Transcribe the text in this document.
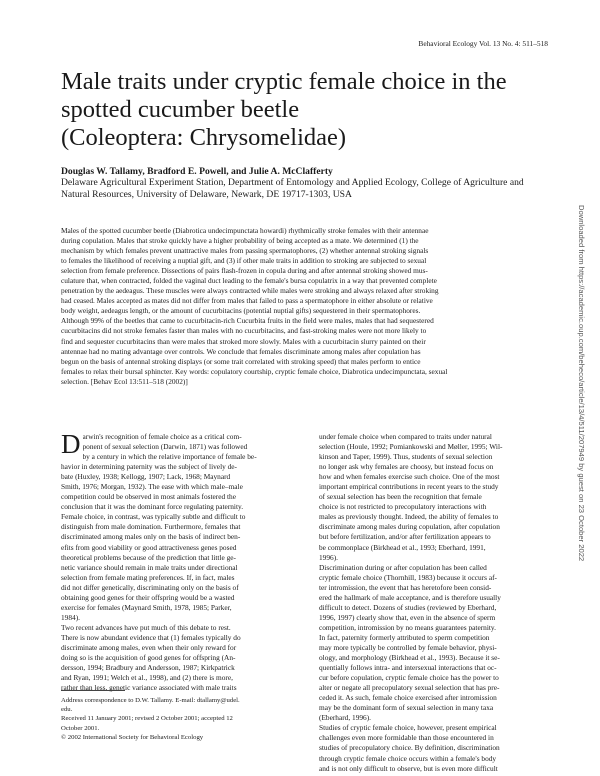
Behavioral Ecology Vol. 13 No. 4: 511–518
Male traits under cryptic female choice in the
spotted cucumber beetle
(Coleoptera: Chrysomelidae)
Douglas W. Tallamy, Bradford E. Powell, and Julie A. McClafferty
Delaware Agricultural Experiment Station, Department of Entomology and Applied Ecology, College of Agriculture and Natural Resources, University of Delaware, Newark, DE 19717-1303, USA
Males of the spotted cucumber beetle (Diabrotica undecimpunctata howardi) rhythmically stroke females with their antennae
during copulation. Males that stroke quickly have a higher probability of being accepted as a mate. We determined (1) the
mechanism by which females prevent unattractive males from passing spermatophores, (2) whether antennal stroking signals
to females the likelihood of receiving a nuptial gift, and (3) if other male traits in addition to stroking are subjected to sexual
selection from female preference. Dissections of pairs flash-frozen in copula during and after antennal stroking showed mus-
culature that, when contracted, folded the vaginal duct leading to the female's bursa copulatrix in a way that prevented complete
penetration by the aedeagus. These muscles were always contracted while males were stroking and always relaxed after stroking
had ceased. Males accepted as mates did not differ from males that failed to pass a spermatophore in either absolute or relative
body weight, aedeagus length, or the amount of cucurbitacins (potential nuptial gifts) sequestered in their spermatophores.
Although 99% of the beetles that came to cucurbitacin-rich Cucurbita fruits in the field were males, males that had sequestered
cucurbitacins did not stroke females faster than males with no cucurbitacins, and fast-stroking males were not more likely to
find and sequester cucurbitacins than were males that stroked more slowly. Males with a cucurbitacin slurry painted on their
antennae had no mating advantage over controls. We conclude that females discriminate among males after copulation has
begun on the basis of antennal stroking displays (or some trait correlated with stroking speed) that males perform to entice
females to relax their bursal sphincter. Key words: copulatory courtship, cryptic female choice, Diabrotica undecimpunctata, sexual
selection. [Behav Ecol 13:511–518 (2002)]
D arwin's recognition of female choice as a critical com-
ponent of sexual selection (Darwin, 1871) was followed
by a century in which the relative importance of female be-
havior in determining paternity was the subject of lively de-
bate (Huxley, 1938; Kellogg, 1907; Lack, 1968; Maynard
Smith, 1976; Morgan, 1932). The ease with which male–male
competition could be observed in most animals fostered the
conclusion that it was the dominant force regulating paternity.
Female choice, in contrast, was typically subtle and difficult to
distinguish from male domination. Furthermore, females that
discriminated among males only on the basis of indirect ben-
efits from good viability or good attractiveness genes posed
theoretical problems because of the prediction that little ge-
netic variance should remain in male traits under directional
selection from female mating preferences. If, in fact, males
did not differ genetically, discriminating only on the basis of
obtaining good genes for their offspring would be a wasted
exercise for females (Maynard Smith, 1978, 1985; Parker,
1984).
Two recent advances have put much of this debate to rest.
There is now abundant evidence that (1) females typically do
discriminate among males, even when their only reward for
doing so is the acquisition of good genes for offspring (An-
dersson, 1994; Bradbury and Andersson, 1987; Kirkpatrick
and Ryan, 1991; Welch et al., 1998), and (2) there is more,
rather than less, genetic variance associated with male traits
under female choice when compared to traits under natural
selection (Houle, 1992; Pomiankowski and Møller, 1995; Wil-
kinson and Taper, 1999). Thus, students of sexual selection
no longer ask why females are choosy, but instead focus on
how and when females exercise such choice. One of the most
important empirical contributions in recent years to the study
of sexual selection has been the recognition that female
choice is not restricted to precopulatory interactions with
males as previously thought. Indeed, the ability of females to
discriminate among males during copulation, after copulation
but before fertilization, and/or after fertilization appears to
be commonplace (Birkhead et al., 1993; Eberhard, 1991,
1996).
Discrimination during or after copulation has been called
cryptic female choice (Thornhill, 1983) because it occurs af-
ter intromission, the event that has heretofore been consid-
ered the hallmark of male acceptance, and is therefore usually
difficult to detect. Dozens of studies (reviewed by Eberhard,
1996, 1997) clearly show that, even in the absence of sperm
competition, intromission by no means guarantees paternity.
In fact, paternity formerly attributed to sperm competition
may more typically be controlled by female behavior, physi-
ology, and morphology (Birkhead et al., 1993). Because it se-
quentially follows intra- and intersexual interactions that oc-
cur before copulation, cryptic female choice has the power to
alter or negate all precopulatory sexual selection that has pre-
ceded it. As such, female choice exercised after intromission
may be the dominant form of sexual selection in many taxa
(Eberhard, 1996).
Studies of cryptic female choice, however, present empirical
challenges even more formidable than those encountered in
studies of precopulatory choice. By definition, discrimination
through cryptic female choice occurs within a female's body
and is not only difficult to observe, but is even more difficult
Address correspondence to D.W. Tallamy. E-mail: dtallamy@udel.
edu.
Received 11 January 2001; revised 2 October 2001; accepted 12
October 2001.
© 2002 International Society for Behavioral Ecology
Downloaded from https://academic.oup.com/beheco/article/13/4/511/207949 by guest on 23 October 2022
